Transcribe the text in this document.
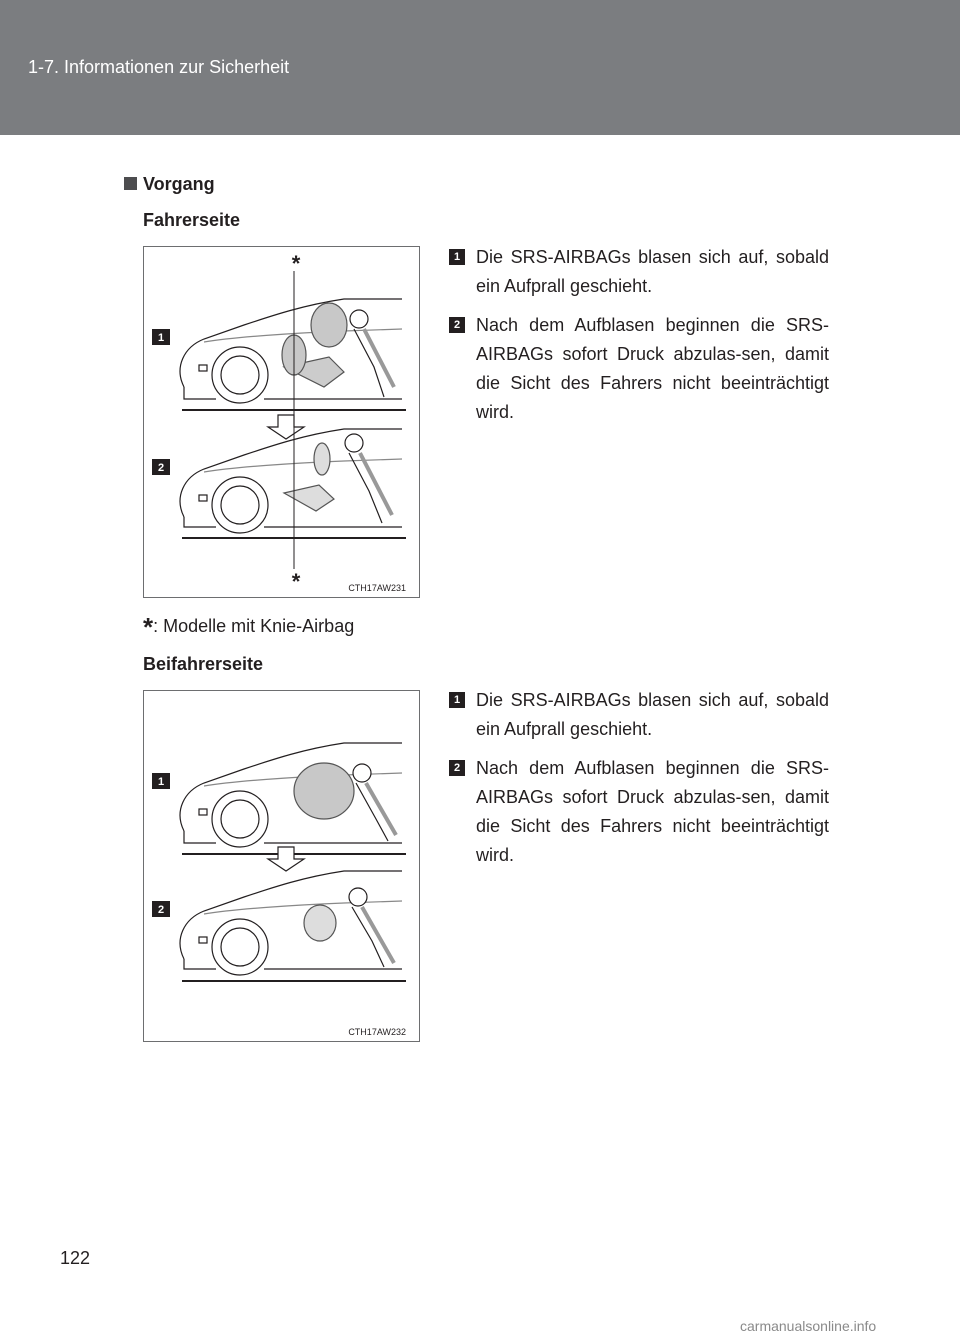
1-7. Informationen zur Sicherheit
Vorgang
Fahrerseite
1
2
*
*	CTH17AW231
1 Die SRS-AIRBAGs blasen sich auf, sobald ein Aufprall geschieht.
2 Nach dem Aufblasen beginnen die SRS-AIRBAGs sofort Druck abzulas-sen, damit die Sicht des Fahrers nicht beeinträchtigt wird.
*: Modelle mit Knie-Airbag
Beifahrerseite
1
2
CTH17AW232
1 Die SRS-AIRBAGs blasen sich auf, sobald ein Aufprall geschieht.
2 Nach dem Aufblasen beginnen die SRS-AIRBAGs sofort Druck abzulas-sen, damit die Sicht des Fahrers nicht beeinträchtigt wird.
122
carmanualsonline.info
